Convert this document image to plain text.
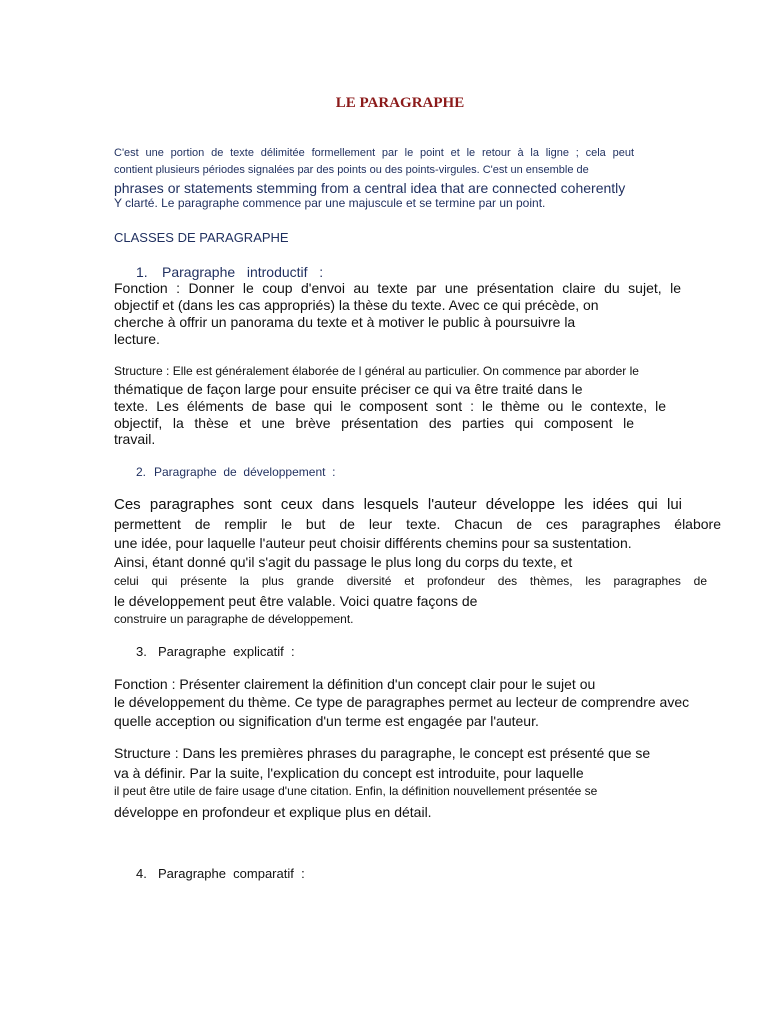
LE PARAGRAPHE

C'est une portion de texte délimitée formellement par le point et le retour à la ligne ; cela peut

contient plusieurs périodes signalées par des points ou des points-virgules. C'est un ensemble de

phrases or statements stemming from a central idea that are connected coherently

Y clarté. Le paragraphe commence par une majuscule et se termine par un point.

CLASSES DE PARAGRAPHE

1. Paragraphe   introductif   :

Fonction : Donner le coup d'envoi au texte par une présentation claire du sujet, le

objectif et (dans les cas appropriés) la thèse du texte. Avec ce qui précède, on

cherche à offrir un panorama du texte et à motiver le public à poursuivre la

lecture.

Structure : Elle est généralement élaborée de l général au particulier. On commence par aborder le

thématique de façon large pour ensuite préciser ce qui va être traité dans le

texte. Les éléments de base qui le composent sont : le thème ou le contexte, le

objectif, la thèse et une brève présentation des parties qui composent le

travail.

2. Paragraphe  de  développement  :

Ces paragraphes sont ceux dans lesquels l'auteur développe les idées qui lui

permettent de remplir le but de leur texte. Chacun de ces paragraphes élabore

une idée, pour laquelle l'auteur peut choisir différents chemins pour sa sustentation.

Ainsi, étant donné qu'il s'agit du passage le plus long du corps du texte, et

celui qui présente la plus grande diversité et profondeur des thèmes, les paragraphes de

le développement peut être valable. Voici quatre façons de

construire un paragraphe de développement.

3. Paragraphe  explicatif  :

Fonction : Présenter clairement la définition d'un concept clair pour le sujet ou

le développement du thème. Ce type de paragraphes permet au lecteur de comprendre avec

quelle acception ou signification d'un terme est engagée par l'auteur.

Structure : Dans les premières phrases du paragraphe, le concept est présenté que se

va à définir. Par la suite, l'explication du concept est introduite, pour laquelle

il peut être utile de faire usage d'une citation. Enfin, la définition nouvellement présentée se

développe en profondeur et explique plus en détail.

4. Paragraphe  comparatif  :
